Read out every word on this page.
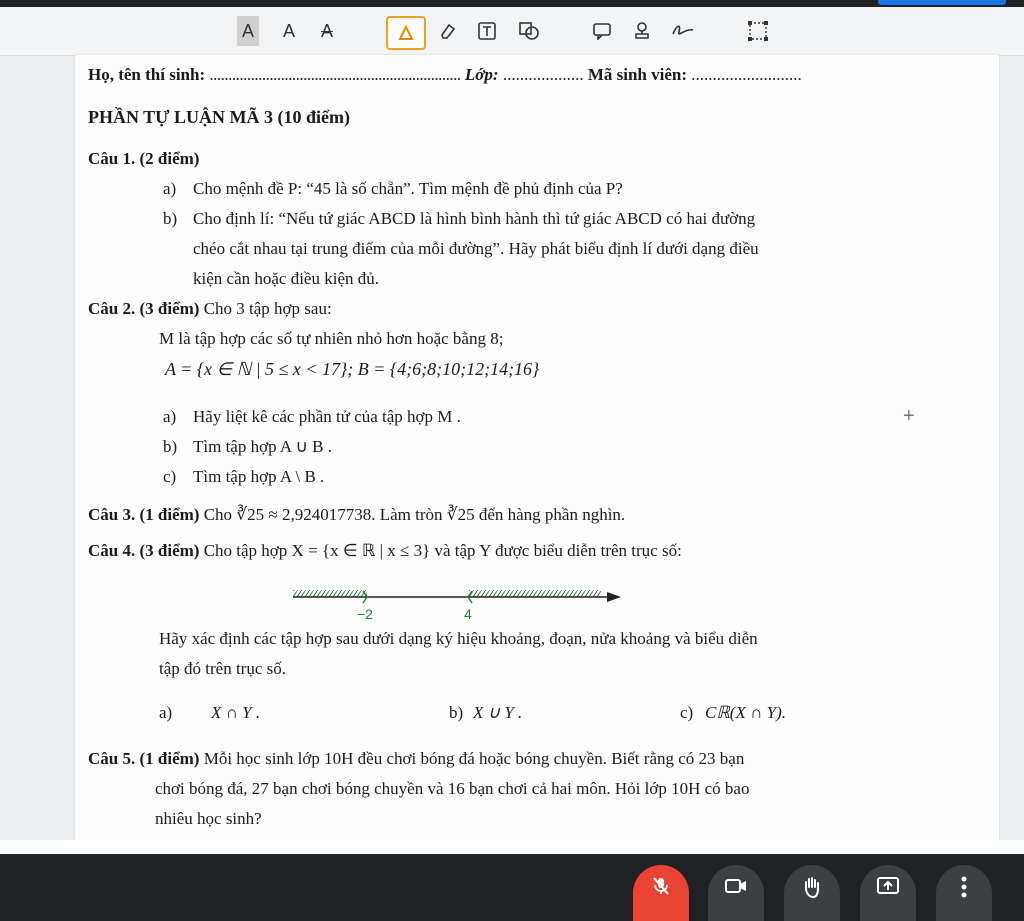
A A A
Họ, tên thí sinh: ................................................................... Lớp: ................... Mã sinh viên: ..........................
PHẦN TỰ LUẬN MÃ 3 (10 điểm)
Câu 1. (2 điểm)
a) Cho mệnh đề P: “45 là số chẵn”. Tìm mệnh đề phủ định của P?
b) Cho định lí: “Nếu tứ giác ABCD là hình bình hành thì tứ giác ABCD có hai đường
chéo cắt nhau tại trung điểm của mỗi đường”. Hãy phát biểu định lí dưới dạng điều
kiện cần hoặc điều kiện đủ.
Câu 2. (3 điểm) Cho 3 tập hợp sau:
M là tập hợp các số tự nhiên nhỏ hơn hoặc bằng 8;
A = {x ∈ ℕ | 5 ≤ x < 17}; B = {4;6;8;10;12;14;16}
a) Hãy liệt kê các phần tử của tập hợp M .	+
b) Tìm tập hợp A ∪ B .
c) Tìm tập hợp A \ B .
Câu 3. (1 điểm) Cho ∛25 ≈ 2,924017738. Làm tròn ∛25 đến hàng phần nghìn.
Câu 4. (3 điểm) Cho tập hợp X = {x ∈ ℝ | x ≤ 3} và tập Y được biểu diễn trên trục số:
−2	4
Hãy xác định các tập hợp sau dưới dạng ký hiệu khoảng, đoạn, nửa khoảng và biểu diễn
tập đó trên trục số.
a) X ∩ Y .	b) X ∪ Y .	c) Cℝ(X ∩ Y).
Câu 5. (1 điểm) Mỗi học sinh lớp 10H đều chơi bóng đá hoặc bóng chuyền. Biết rằng có 23 bạn
chơi bóng đá, 27 bạn chơi bóng chuyền và 16 bạn chơi cả hai môn. Hỏi lớp 10H có bao
nhiêu học sinh?
